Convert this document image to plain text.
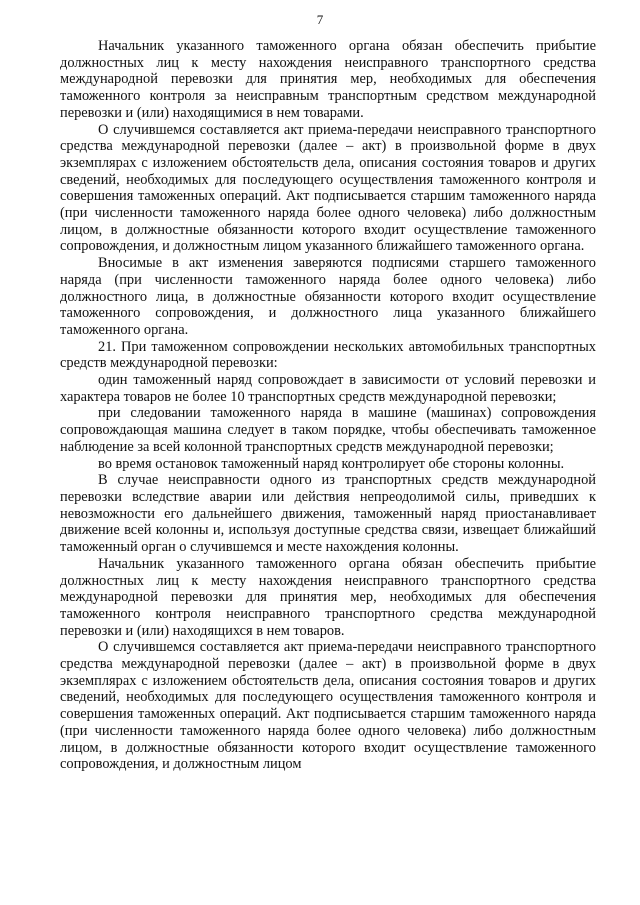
7

Начальник указанного таможенного органа обязан обеспечить прибытие должностных лиц к месту нахождения неисправного транспортного средства международной перевозки для принятия мер, необходимых для обеспечения таможенного контроля за неисправным транспортным средством международной перевозки и (или) находящимися в нем товарами.

О случившемся составляется акт приема-передачи неисправного транспортного средства международной перевозки (далее – акт) в произвольной форме в двух экземплярах с изложением обстоятельств дела, описания состояния товаров и других сведений, необходимых для последующего осуществления таможенного контроля и совершения таможенных операций. Акт подписывается старшим таможенного наряда (при численности таможенного наряда более одного человека) либо должностным лицом, в должностные обязанности которого входит осуществление таможенного сопровождения, и должностным лицом указанного ближайшего таможенного органа.

Вносимые в акт изменения заверяются подписями старшего таможенного наряда (при численности таможенного наряда более одного человека) либо должностного лица, в должностные обязанности которого входит осуществление таможенного сопровождения, и должностного лица указанного ближайшего таможенного органа.

21. При таможенном сопровождении нескольких автомобильных транспортных средств международной перевозки:

один таможенный наряд сопровождает в зависимости от условий перевозки и характера товаров не более 10 транспортных средств международной перевозки;

при следовании таможенного наряда в машине (машинах) сопровождения сопровождающая машина следует в таком порядке, чтобы обеспечивать таможенное наблюдение за всей колонной транспортных средств международной перевозки;

во время остановок таможенный наряд контролирует обе стороны колонны.

В случае неисправности одного из транспортных средств международной перевозки вследствие аварии или действия непреодолимой силы, приведших к невозможности его дальнейшего движения, таможенный наряд приостанавливает движение всей колонны и, используя доступные средства связи, извещает ближайший таможенный орган о случившемся и месте нахождения колонны.

Начальник указанного таможенного органа обязан обеспечить прибытие должностных лиц к месту нахождения неисправного транспортного средства международной перевозки для принятия мер, необходимых для обеспечения таможенного контроля неисправного транспортного средства международной перевозки и (или) находящихся в нем товаров.

О случившемся составляется акт приема-передачи неисправного транспортного средства международной перевозки (далее – акт) в произвольной форме в двух экземплярах с изложением обстоятельств дела, описания состояния товаров и других сведений, необходимых для последующего осуществления таможенного контроля и совершения таможенных операций. Акт подписывается старшим таможенного наряда (при численности таможенного наряда более одного человека) либо должностным лицом, в должностные обязанности которого входит осуществление таможенного сопровождения, и должностным лицом
